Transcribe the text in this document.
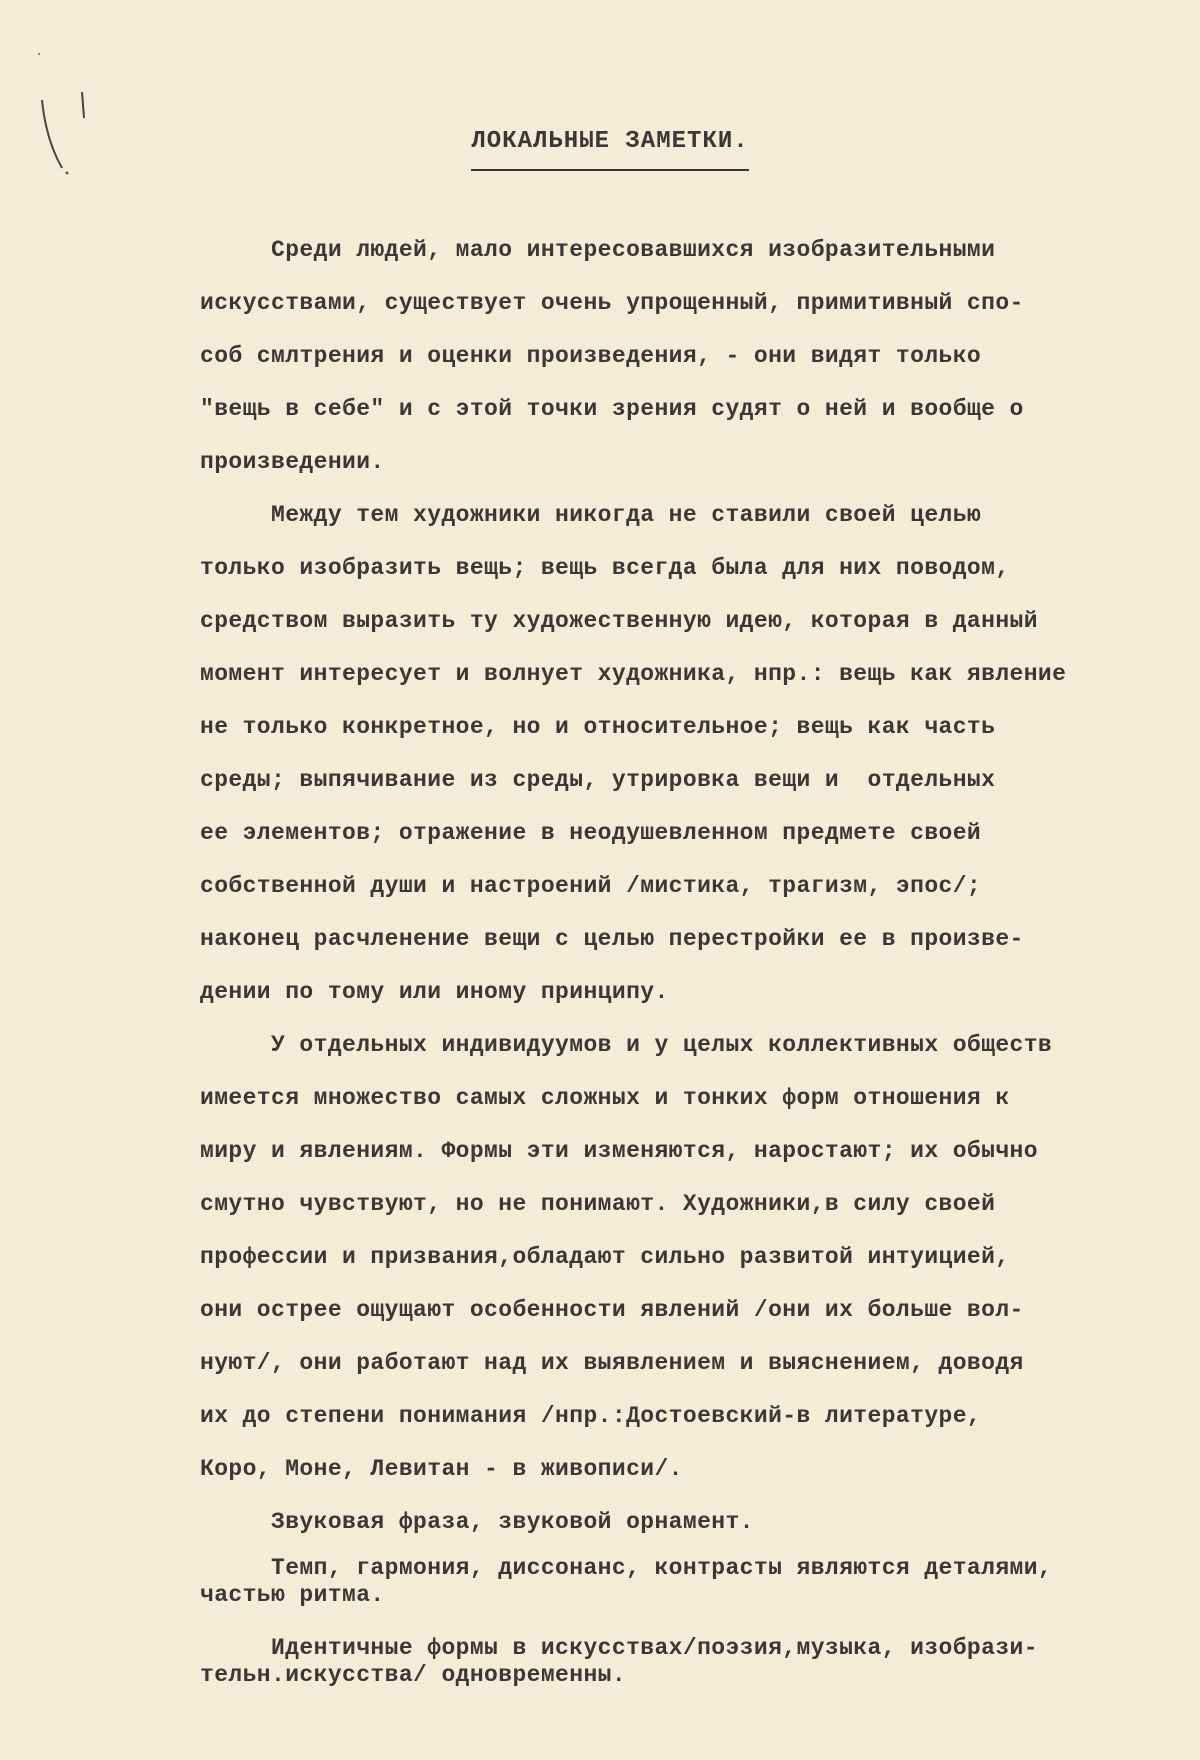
ЛОКАЛЬНЫЕ ЗАМЕТКИ.
Среди людей, мало интересовавшихся изобразительными
искусствами, существует очень упрощенный, примитивный спо-
соб смлтрения и оценки произведения, - они видят только
"вещь в себе" и с этой точки зрения судят о ней и вообще о
произведении.
Между тем художники никогда не ставили своей целью
только изобразить вещь; вещь всегда была для них поводом,
средством выразить ту художественную идею, которая в данный
момент интересует и волнует художника, нпр.: вещь как явление
не только конкретное, но и относительное; вещь как часть
среды; выпячивание из среды, утрировка вещи и  отдельных
ее элементов; отражение в неодушевленном предмете своей
собственной души и настроений /мистика, трагизм, эпос/;
наконец расчленение вещи с целью перестройки ее в произве-
дении по тому или иному принципу.
У отдельных индивидуумов и у целых коллективных обществ
имеется множество самых сложных и тонких форм отношения к
миру и явлениям. Формы эти изменяются, наростают; их обычно
смутно чувствуют, но не понимают. Художники,в силу своей
профессии и призвания,обладают сильно развитой интуицией,
они острее ощущают особенности явлений /они их больше вол-
нуют/, они работают над их выявлением и выяснением, доводя
их до степени понимания /нпр.:Достоевский-в литературе,
Коро, Моне, Левитан - в живописи/.
Звуковая фраза, звуковой орнамент.
Темп, гармония, диссонанс, контрасты являются деталями,
частью ритма.
Идентичные формы в искусствах/поэзия,музыка, изобрази-
тельн.искусства/ одновременны.
